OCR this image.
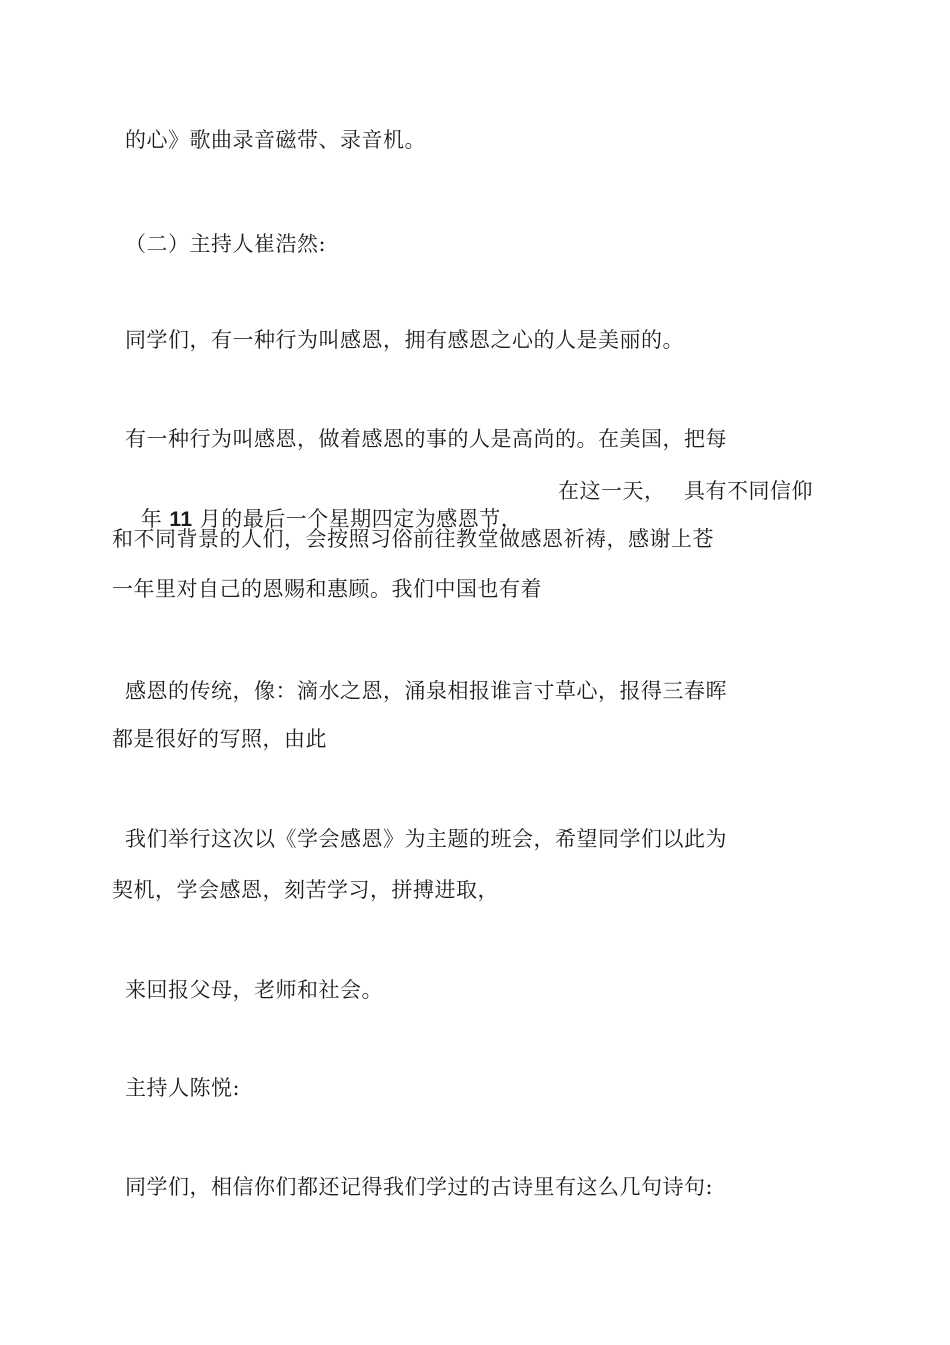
的心》歌曲录音磁带、录音机。
（二）主持人崔浩然:
同学们，有一种行为叫感恩，拥有感恩之心的人是美丽的。
有一种行为叫感恩，做着感恩的事的人是高尚的。在美国，把每

年 11 月的最后一个星期四定为感恩节，

在这一天， 具有不同信仰
和不同背景的人们，会按照习俗前往教堂做感恩祈祷，感谢上苍
一年里对自己的恩赐和惠顾。我们中国也有着
感恩的传统，像：滴水之恩，涌泉相报谁言寸草心，报得三春晖
都是很好的写照，由此
我们举行这次以《学会感恩》为主题的班会，希望同学们以此为
契机，学会感恩，刻苦学习，拼搏进取，
来回报父母，老师和社会。
主持人陈悦:
同学们，相信你们都还记得我们学过的古诗里有这么几句诗句:
